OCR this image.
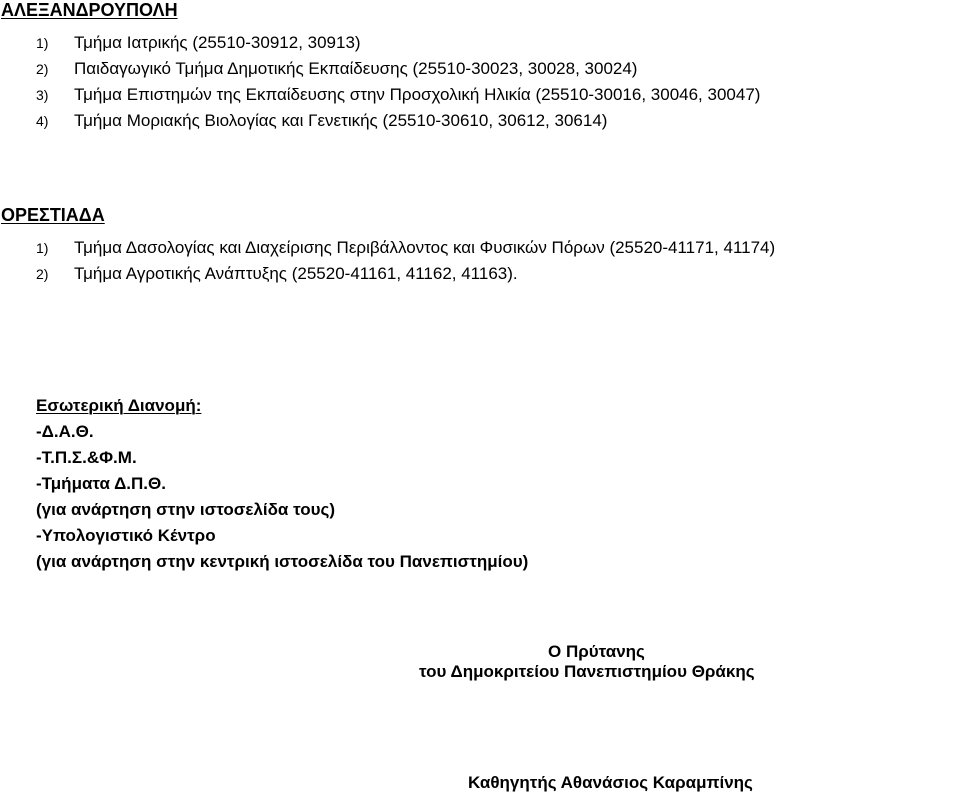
ΑΛΕΞΑΝΔΡΟΥΠΟΛΗ
1) Τμήμα Ιατρικής (25510-30912, 30913)
2) Παιδαγωγικό Τμήμα Δημοτικής Εκπαίδευσης (25510-30023, 30028, 30024)
3) Τμήμα Επιστημών της Εκπαίδευσης στην Προσχολική Ηλικία (25510-30016, 30046, 30047)
4) Τμήμα Μοριακής Βιολογίας και Γενετικής (25510-30610, 30612, 30614)
ΟΡΕΣΤΙΑΔΑ
1) Τμήμα Δασολογίας και Διαχείρισης Περιβάλλοντος και Φυσικών Πόρων (25520-41171, 41174)
2) Τμήμα Αγροτικής Ανάπτυξης (25520-41161, 41162, 41163).
Εσωτερική Διανομή:
-Δ.Α.Θ.
-Τ.Π.Σ.&Φ.Μ.
-Τμήματα Δ.Π.Θ.
(για ανάρτηση στην ιστοσελίδα τους)
-Υπολογιστικό Κέντρο
(για ανάρτηση στην κεντρική ιστοσελίδα του Πανεπιστημίου)
Ο Πρύτανης
του Δημοκριτείου Πανεπιστημίου Θράκης
Καθηγητής Αθανάσιος Καραμπίνης
